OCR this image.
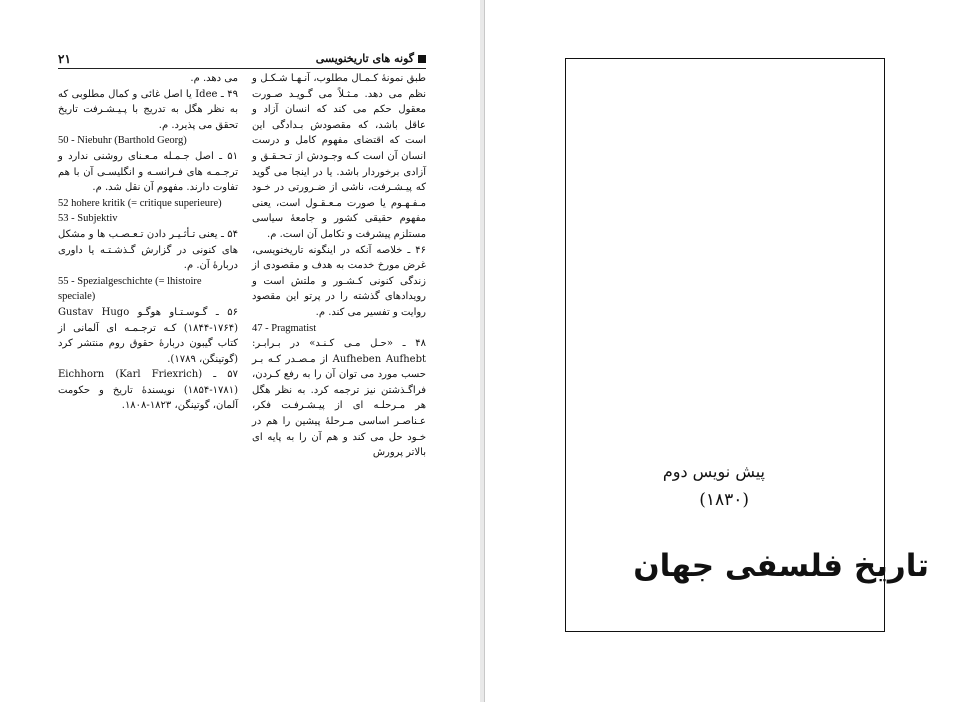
۲۱	گونه های تاریخنویسی

طبق نمونهٔ کـمـال مطلوب، آنـهـا شـکـل و نظم می دهد. مـثـلاً می گـویـد صـورت معقول حکم می کند که انسان آزاد و عاقل باشد، که مقصودش بـدادگی این است که اقتضای مفهوم کامل و درست انسان آن است کـه وجـودش از تـحـقـق و آزادی برخوردار باشد. یا در اینجا می گوید که پیـشـرفت، ناشی از ضـرورتی در خـود مـفـهـوم یا صورت مـعـقـول است، یعنی مفهوم حقیقی کشور و جامعهٔ سیاسی مستلزم پیشرفت و تکامل آن است. م.

۴۶ ـ خلاصه آنکه در اینگونه تاریخنویسی، غرض مورخ خدمت به هدف و مقصودی از زندگی کنونی کـشـور و ملتش است و رویدادهای گذشته را در پرتو این مقصود روایت و تفسیر می کند. م.

47 - Pragmatist

۴۸ ـ «حـل مـی کـنـد» در بـرابـر: Aufheben Aufhebt از مـصـدر کـه بـر حسب مورد می توان آن را به رفع کـردن، فراگـذشتن نیز ترجمه کرد. به نظر هگل هر مـرحلـه ای از پیـشـرفـت فکر، عـناصـر اساسی مـرحلهٔ پیشین را هم در خـود حل می کند و هم آن را به پایه ای بالاتر پرورش

می دهد. م.

۴۹ ـ Idee یا اصل غائی و کمال مطلوبی که به نظر هگل به تدریج با پـیـشـرفت تاریخ تحقق می پذیرد. م.

50 - Niebuhr (Barthold Georg)

۵۱ ـ اصل جـمـله مـعـنای روشنی ندارد و ترجـمـه های فـرانسـه و انگلیسـی آن با هم تفاوت دارند. مفهوم آن نقل شد. م.

52 hohere kritik (= critique superieure)

53 - Subjektiv

۵۴ ـ یعنی تـأثـیـر دادن تـعـصـب ها و مشکل های کنونی در گزارش گـذشـتـه یا داوری دربارهٔ آن. م.

55 - Spezialgeschichte (= lhistoire speciale)

۵۶ ـ گـوسـتـاو هوگـو Gustav Hugo (۱۸۴۴-۱۷۶۴) کـه ترجـمـه ای آلمانی از کتاب گیبون دربارهٔ حقوق روم منتشر کرد (گوتینگن، ۱۷۸۹).

۵۷ ـ Eichhorn (Karl Friexrich) (۱۸۵۴-۱۷۸۱) نویسندهٔ تاریخ و حکومت آلمان، گوتینگن، ۱۸۲۳-۱۸۰۸.

پیش نویس دوم
(۱۸۳۰)
تاریخ فلسفی جهان
